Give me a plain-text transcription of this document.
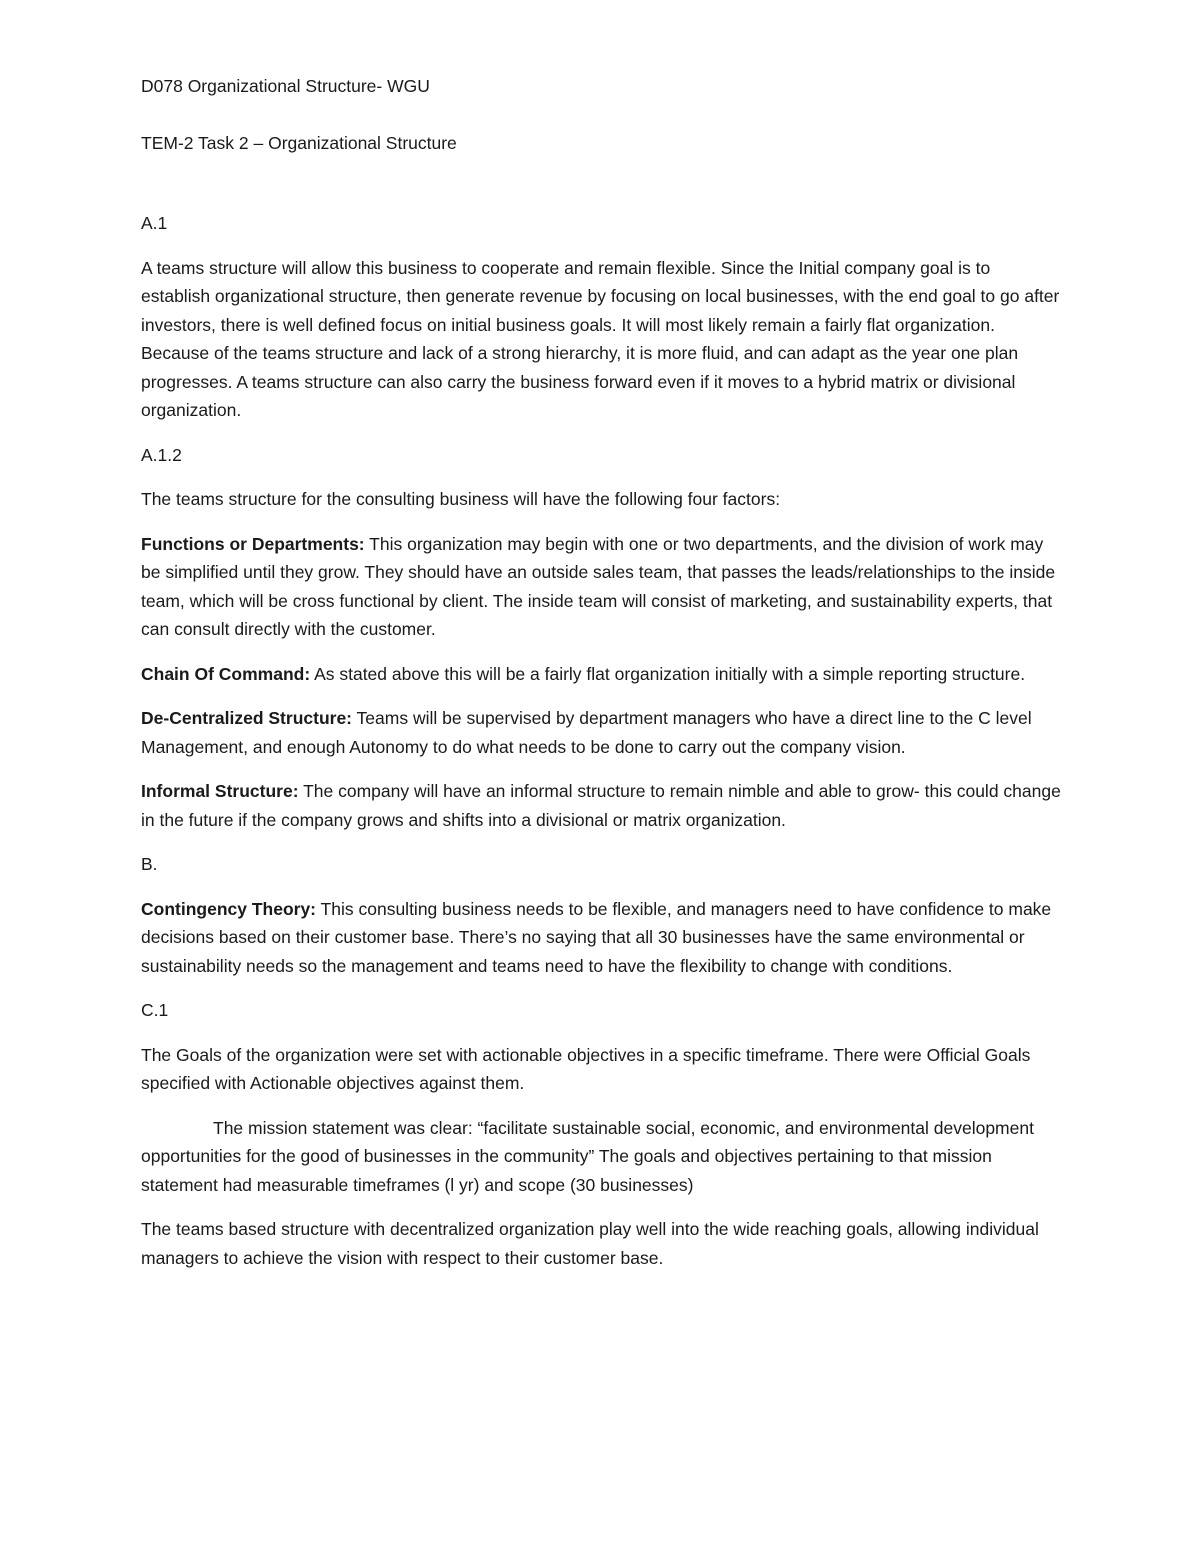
D078 Organizational Structure- WGU

TEM-2 Task 2 – Organizational Structure

A.1

A teams structure will allow this business to cooperate and remain flexible. Since the Initial company goal is to establish organizational structure, then generate revenue by focusing on local businesses, with the end goal to go after investors, there is well defined focus on initial business goals. It will most likely remain a fairly flat organization. Because of the teams structure and lack of a strong hierarchy, it is more fluid, and can adapt as the year one plan progresses. A teams structure can also carry the business forward even if it moves to a hybrid matrix or divisional organization.

A.1.2

The teams structure for the consulting business will have the following four factors:

Functions or Departments: This organization may begin with one or two departments, and the division of work may be simplified until they grow. They should have an outside sales team, that passes the leads/relationships to the inside team, which will be cross functional by client. The inside team will consist of marketing, and sustainability experts, that can consult directly with the customer.

Chain Of Command: As stated above this will be a fairly flat organization initially with a simple reporting structure.

De-Centralized Structure: Teams will be supervised by department managers who have a direct line to the C level Management, and enough Autonomy to do what needs to be done to carry out the company vision.

Informal Structure: The company will have an informal structure to remain nimble and able to grow- this could change in the future if the company grows and shifts into a divisional or matrix organization.

B.

Contingency Theory: This consulting business needs to be flexible, and managers need to have confidence to make decisions based on their customer base. There’s no saying that all 30 businesses have the same environmental or sustainability needs so the management and teams need to have the flexibility to change with conditions.

C.1

The Goals of the organization were set with actionable objectives in a specific timeframe. There were Official Goals specified with Actionable objectives against them.

The mission statement was clear: “facilitate sustainable social, economic, and environmental development opportunities for the good of businesses in the community” The goals and objectives pertaining to that mission statement had measurable timeframes (l yr) and scope (30 businesses)

The teams based structure with decentralized organization play well into the wide reaching goals, allowing individual managers to achieve the vision with respect to their customer base.
